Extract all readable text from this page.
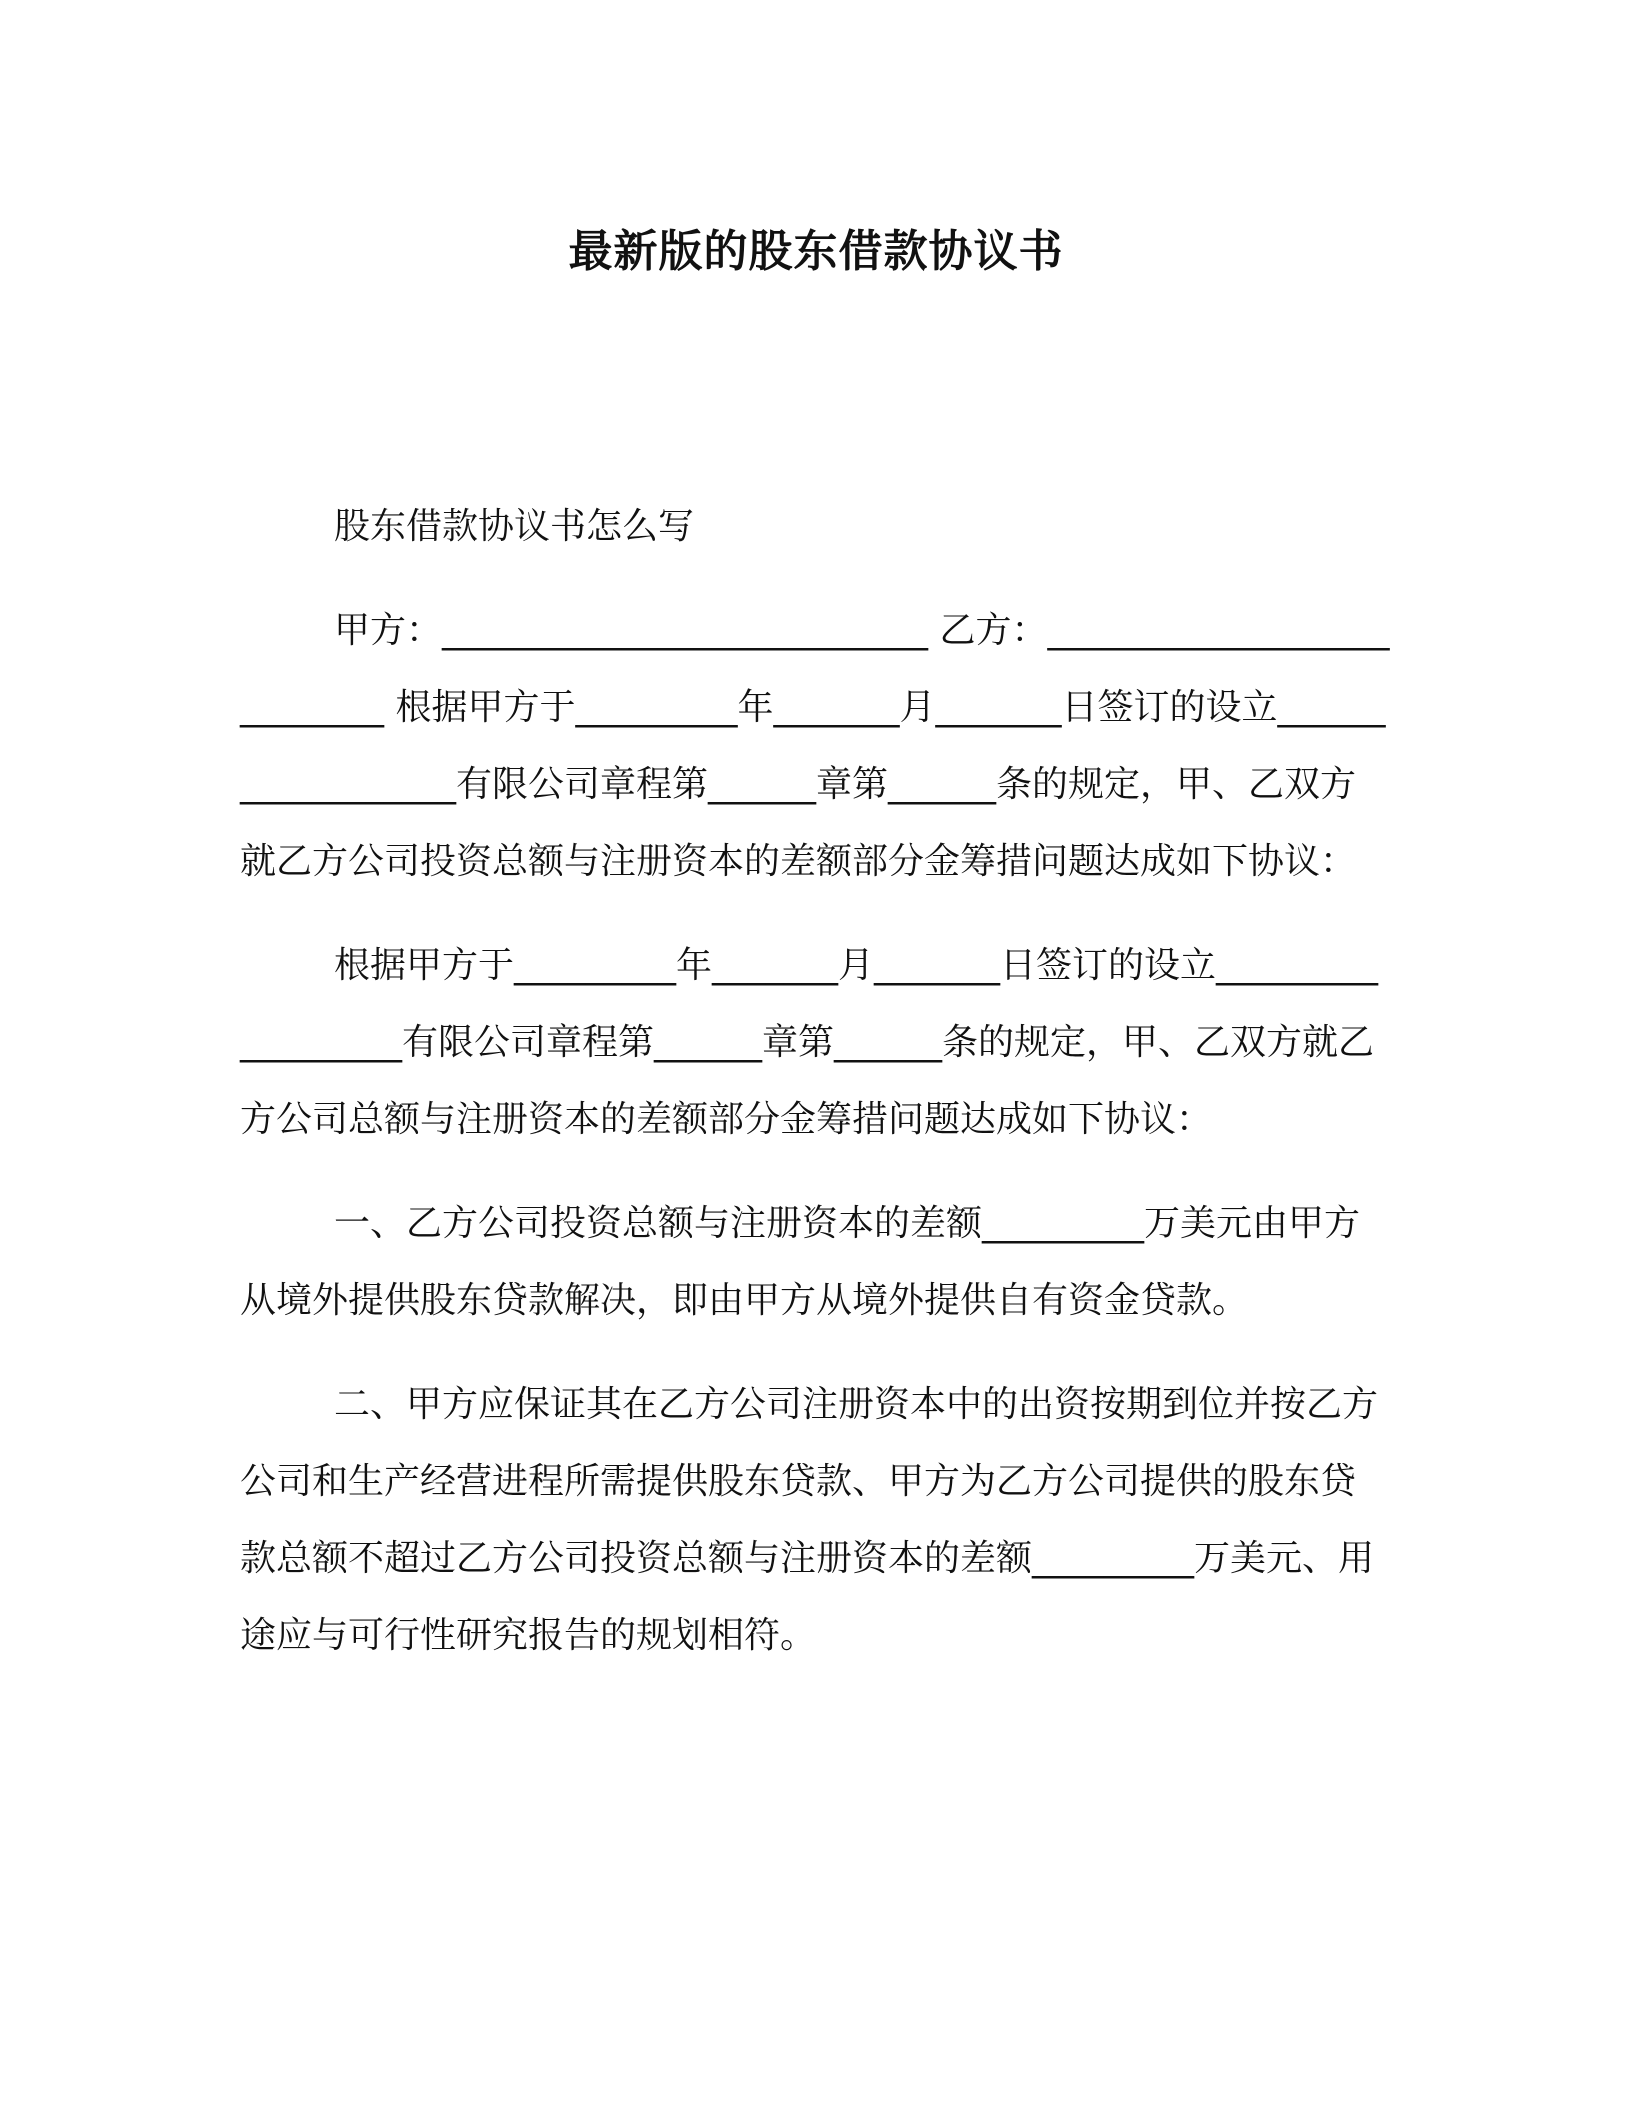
最新版的股东借款协议书

股东借款协议书怎么写

甲方：___________________________ 乙方：___________________________ 根据甲方于_________年_______月_______日签订的设立__________________有限公司章程第______章第______条的规定，甲、乙双方就乙方公司投资总额与注册资本的差额部分金筹措问题达成如下协议：

根据甲方于_________年_______月_______日签订的设立__________________有限公司章程第______章第______条的规定，甲、乙双方就乙方公司总额与注册资本的差额部分金筹措问题达成如下协议：

一、乙方公司投资总额与注册资本的差额_________万美元由甲方从境外提供股东贷款解决，即由甲方从境外提供自有资金贷款。

二、甲方应保证其在乙方公司注册资本中的出资按期到位并按乙方公司和生产经营进程所需提供股东贷款、甲方为乙方公司提供的股东贷款总额不超过乙方公司投资总额与注册资本的差额_________万美元、用途应与可行性研究报告的规划相符。
